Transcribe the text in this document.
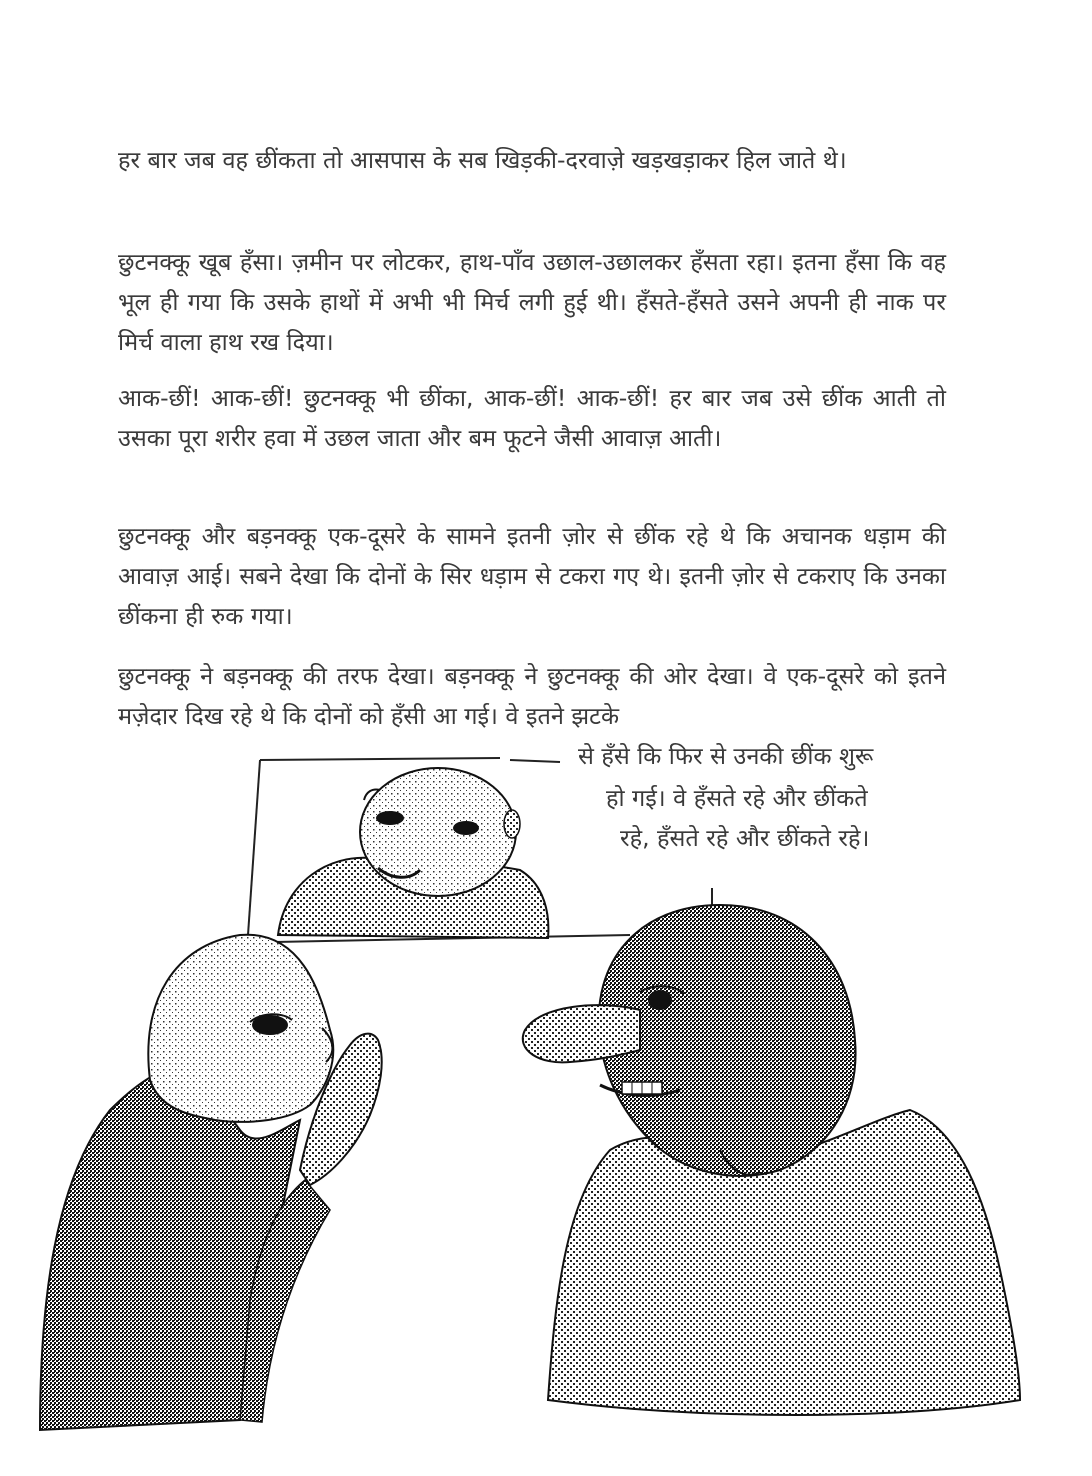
हर बार जब वह छींकता तो आसपास के सब खिड़की-दरवाज़े खड़खड़ाकर हिल जाते थे।

छुटनक्कू खूब हँसा। ज़मीन पर लोटकर, हाथ-पाँव उछाल-उछालकर हँसता रहा। इतना हँसा कि वह भूल ही गया कि उसके हाथों में अभी भी मिर्च लगी हुई थी। हँसते-हँसते उसने अपनी ही नाक पर मिर्च वाला हाथ रख दिया।

आक-छीं! आक-छीं! छुटनक्कू भी छींका, आक-छीं! आक-छीं! हर बार जब उसे छींक आती तो उसका पूरा शरीर हवा में उछल जाता और बम फूटने जैसी आवाज़ आती।

छुटनक्कू और बड़नक्कू एक-दूसरे के सामने इतनी ज़ोर से छींक रहे थे कि अचानक धड़ाम की आवाज़ आई। सबने देखा कि दोनों के सिर धड़ाम से टकरा गए थे। इतनी ज़ोर से टकराए कि उनका छींकना ही रुक गया।

छुटनक्कू ने बड़नक्कू की तरफ देखा। बड़नक्कू ने छुटनक्कू की ओर देखा। वे एक-दूसरे को इतने मज़ेदार दिख रहे थे कि दोनों को हँसी आ गई। वे इतने झटके

से हँसे कि फिर से उनकी छींक शुरू

हो गई। वे हँसते रहे और छींकते

रहे, हँसते रहे और छींकते रहे।
